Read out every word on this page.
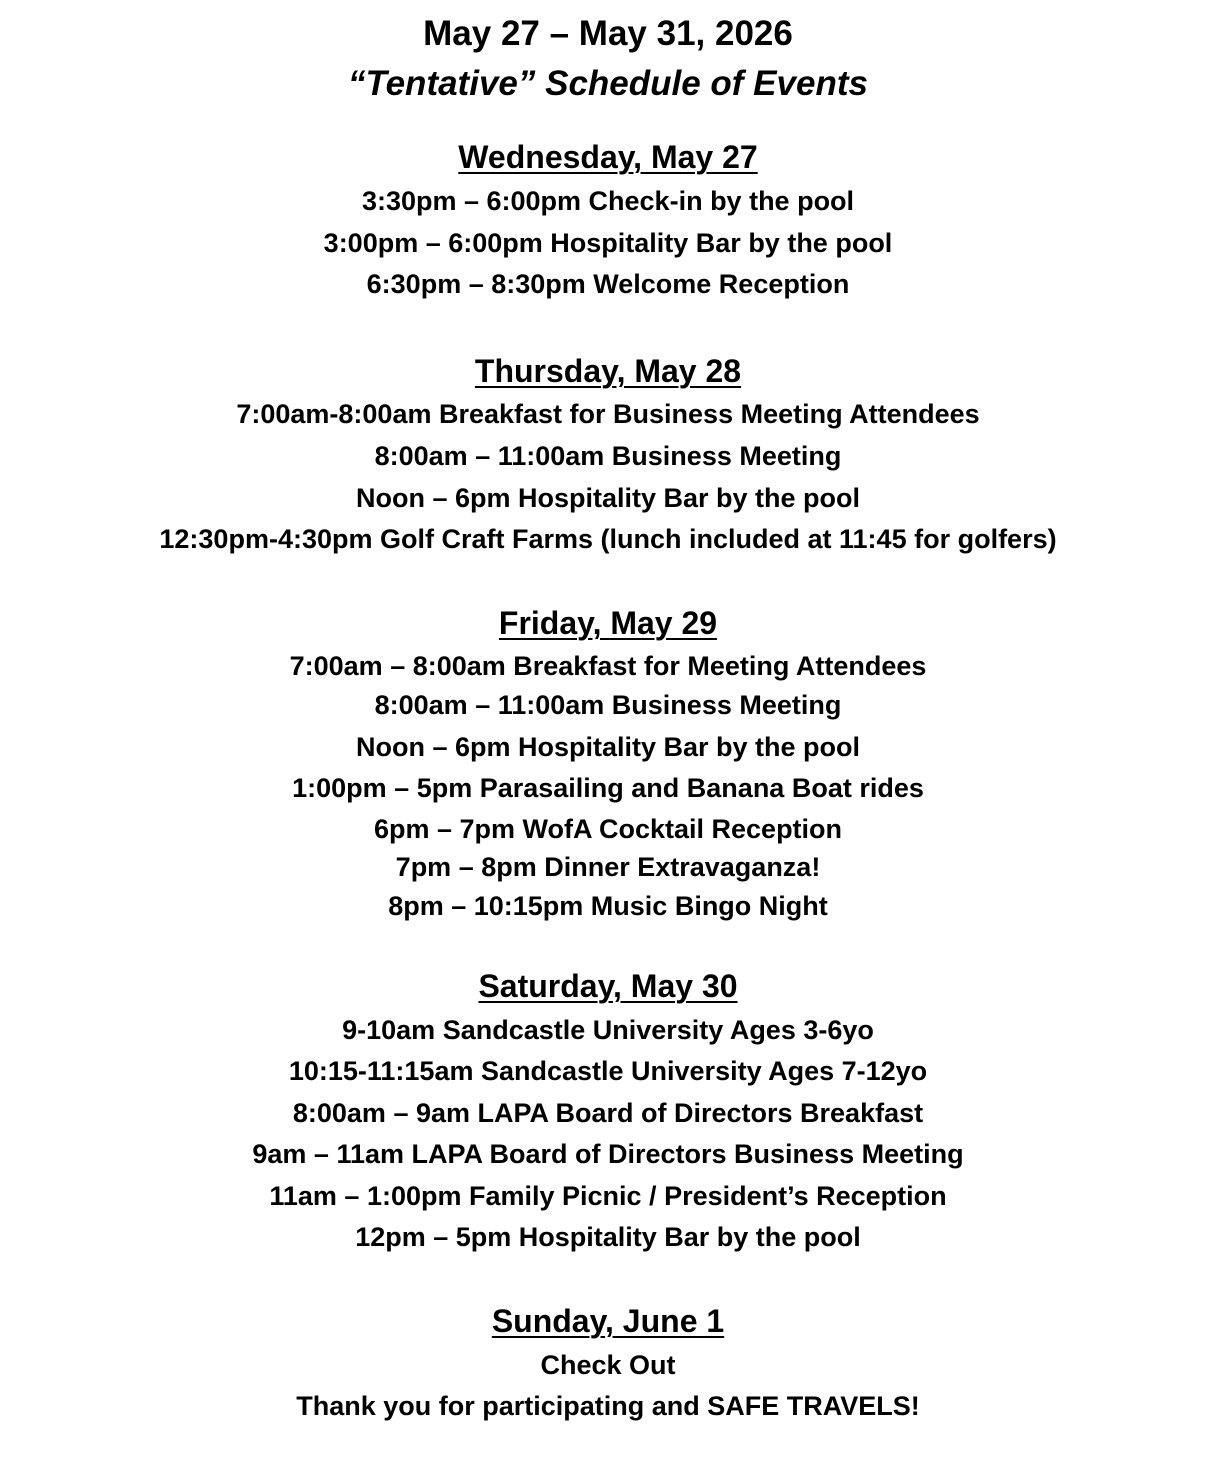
May 27 – May 31, 2026
“Tentative” Schedule of Events
Wednesday, May 27
3:30pm – 6:00pm Check-in by the pool
3:00pm – 6:00pm Hospitality Bar by the pool
6:30pm – 8:30pm Welcome Reception
Thursday, May 28
7:00am-8:00am Breakfast for Business Meeting Attendees
8:00am – 11:00am Business Meeting
Noon – 6pm Hospitality Bar by the pool
12:30pm-4:30pm Golf Craft Farms (lunch included at 11:45 for golfers)
Friday, May 29
7:00am – 8:00am Breakfast for Meeting Attendees
8:00am – 11:00am Business Meeting
Noon – 6pm Hospitality Bar by the pool
1:00pm – 5pm Parasailing and Banana Boat rides
6pm – 7pm WofA Cocktail Reception
7pm – 8pm Dinner Extravaganza!
8pm – 10:15pm Music Bingo Night
Saturday, May 30
9-10am Sandcastle University Ages 3-6yo
10:15-11:15am Sandcastle University Ages 7-12yo
8:00am – 9am LAPA Board of Directors Breakfast
9am – 11am LAPA Board of Directors Business Meeting
11am – 1:00pm Family Picnic / President’s Reception
12pm – 5pm Hospitality Bar by the pool
Sunday, June 1
Check Out
Thank you for participating and SAFE TRAVELS!
